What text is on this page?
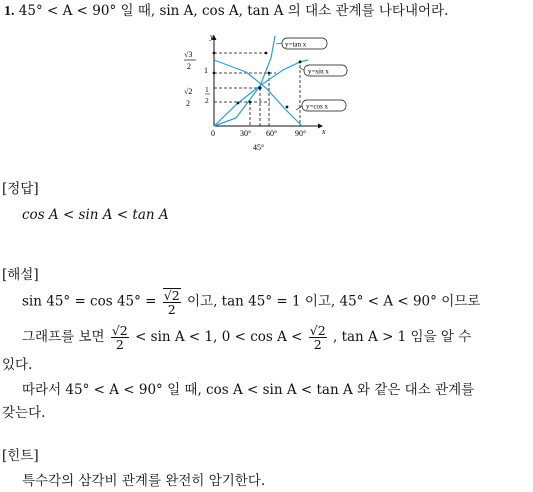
1. 45° < A < 90° 일 때, sin A, cos A, tan A 의 대소 관계를 나타내어라.
y
x
√3
2 1
√2
2
1
2
0	30° 60° 90°
45°
y=tan x
y=sin x
y=cos x
[정답]
cos A < sin A < tan A
[해설]
$\sin 45^\circ = \cos 45^\circ = \frac{√2}{2}$ 이고, tan 45° = 1 이고, 45° < A < 90° 이므로
그래프를 보면 $\frac{√2}{2} < \sin A < 1$, $0 < \cos A < \frac{√2}{2}$ , tan A > 1 임을 알 수
있다.
따라서 45° < A < 90° 일 때, cos A < sin A < tan A 와 같은 대소 관계를
갖는다.
[힌트]
특수각의 삼각비 관계를 완전히 암기한다.
